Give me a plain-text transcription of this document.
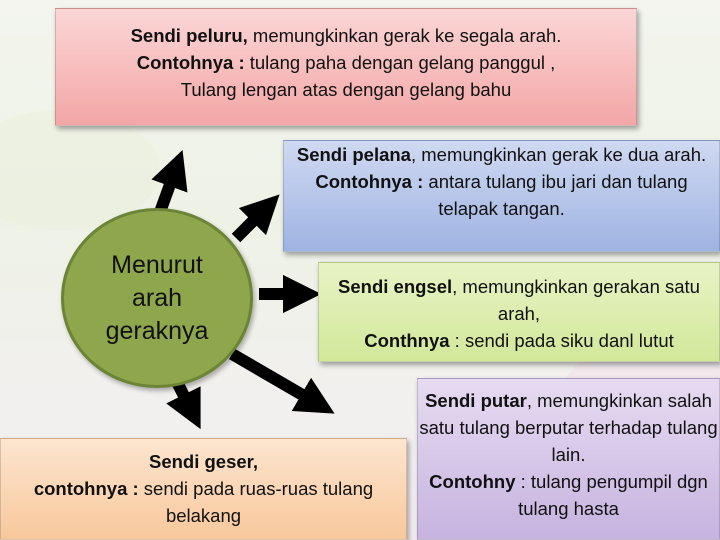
Sendi peluru, memungkinkan gerak ke segala arah.
Contohnya : tulang paha dengan gelang panggul ,
Tulang lengan atas dengan gelang bahu
Sendi pelana, memungkinkan gerak ke dua arah.
Contohnya : antara tulang ibu jari dan tulang telapak tangan.
Sendi engsel, memungkinkan gerakan satu arah,
Conthnya : sendi pada siku danl lutut
Sendi putar, memungkinkan salah satu tulang berputar terhadap tulang lain.
Contohny : tulang pengumpil dgn tulang hasta
Sendi geser,
contohnya : sendi pada ruas-ruas tulang belakang
Menurut
arah
geraknya
